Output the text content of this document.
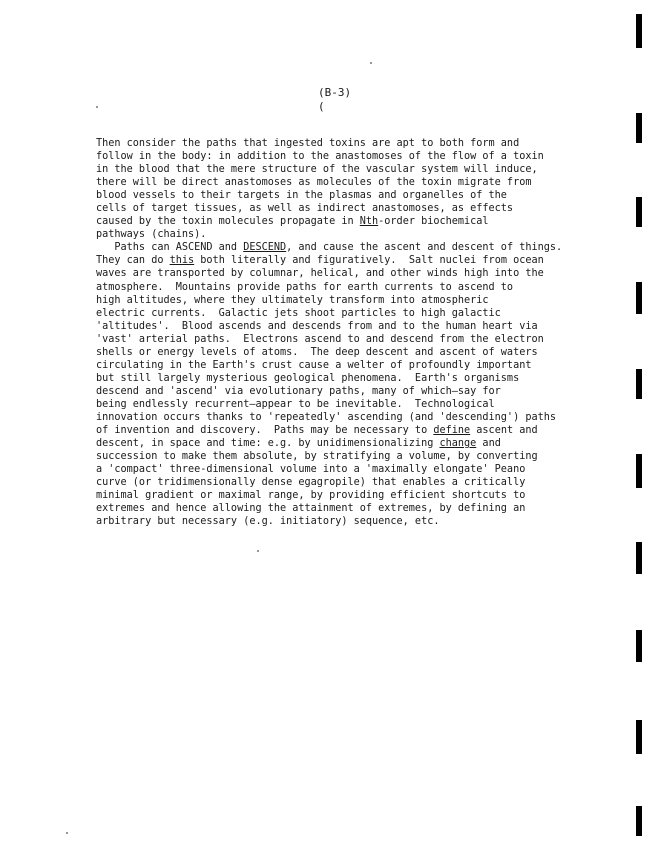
(B-3)
(
Then consider the paths that ingested toxins are apt to both form and
follow in the body: in addition to the anastomoses of the flow of a toxin
in the blood that the mere structure of the vascular system will induce,
there will be direct anastomoses as molecules of the toxin migrate from
blood vessels to their targets in the plasmas and organelles of the
cells of target tissues, as well as indirect anastomoses, as effects
caused by the toxin molecules propagate in Nth-order biochemical
pathways (chains).
Paths can ASCEND and DESCEND, and cause the ascent and descent of things.
They can do this both literally and figuratively.  Salt nuclei from ocean
waves are transported by columnar, helical, and other winds high into the
atmosphere.  Mountains provide paths for earth currents to ascend to
high altitudes, where they ultimately transform into atmospheric
electric currents.  Galactic jets shoot particles to high galactic
'altitudes'.  Blood ascends and descends from and to the human heart via
'vast' arterial paths.  Electrons ascend to and descend from the electron
shells or energy levels of atoms.  The deep descent and ascent of waters
circulating in the Earth's crust cause a welter of profoundly important
but still largely mysterious geological phenomena.  Earth's organisms
descend and 'ascend' via evolutionary paths, many of which—say for
being endlessly recurrent—appear to be inevitable.  Technological
innovation occurs thanks to 'repeatedly' ascending (and 'descending') paths
of invention and discovery.  Paths may be necessary to define ascent and
descent, in space and time: e.g. by unidimensionalizing change and
succession to make them absolute, by stratifying a volume, by converting
a 'compact' three-dimensional volume into a 'maximally elongate' Peano
curve (or tridimensionally dense egagropile) that enables a critically
minimal gradient or maximal range, by providing efficient shortcuts to
extremes and hence allowing the attainment of extremes, by defining an
arbitrary but necessary (e.g. initiatory) sequence, etc.
